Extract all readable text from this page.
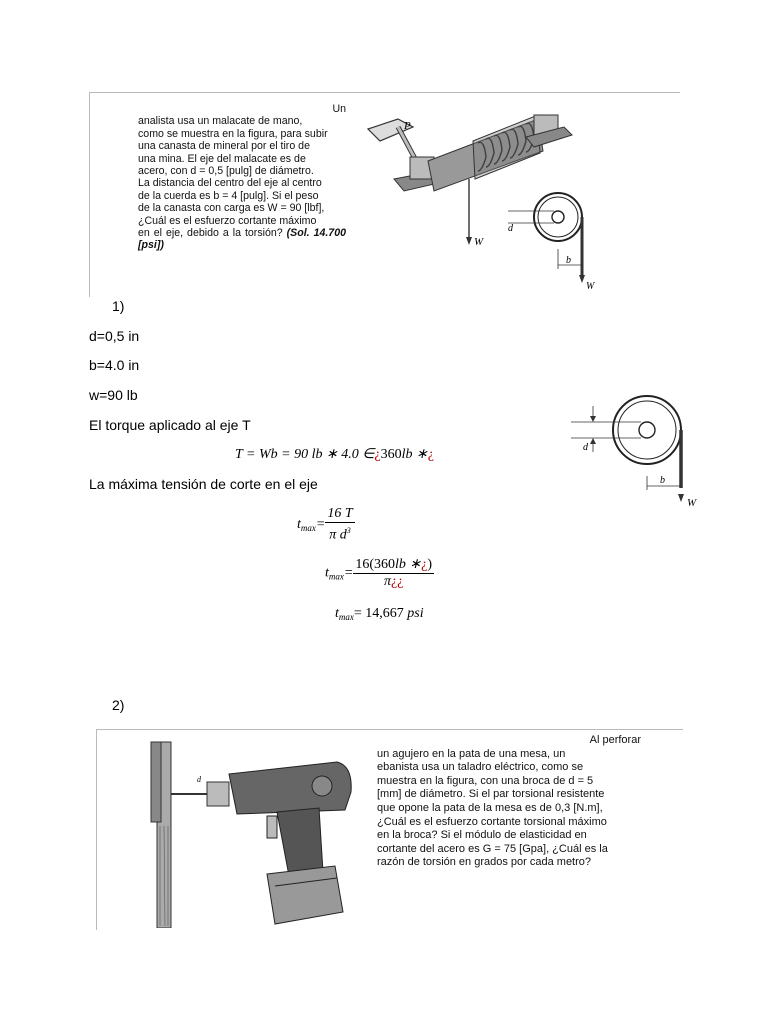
Un
analista usa un malacate de mano,
como se muestra en la figura, para subir
una canasta de mineral por el tiro de
una mina. El eje del malacate es de
acero, con d = 0,5 [pulg] de diámetro.
La distancia del centro del eje al centro
de la cuerda es b = 4 [pulg]. Si el peso
de la canasta con carga es W = 90 [lbf],
¿Cuál es el esfuerzo cortante máximo
en el eje, debido a la torsión? (Sol. 14.700 [psi])
P
W
d
b
W
1)
d=0,5 in
b=4.0 in
w=90 lb
El torque aplicado al eje T
T = Wb = 90 lb ∗ 4.0 ∈¿360lb ∗¿	d
b
W
La máxima tensión de corte en el eje
$t_{max}= \frac{16 T}{\pi d^3}$
$t_{max}= \frac{16(360lb ∗¿)}{\pi¿¿}$
$t_{max}= 14,667$ psi
2)
d
Al perforar
un agujero en la pata de una mesa, un
ebanista usa un taladro eléctrico, como se
muestra en la figura, con una broca de d = 5
[mm] de diámetro. Si el par torsional resistente
que opone la pata de la mesa es de 0,3 [N.m],
¿Cuál es el esfuerzo cortante torsional máximo
en la broca? Si el módulo de elasticidad en
cortante del acero es G = 75 [Gpa], ¿Cuál es la
razón de torsión en grados por cada metro?
